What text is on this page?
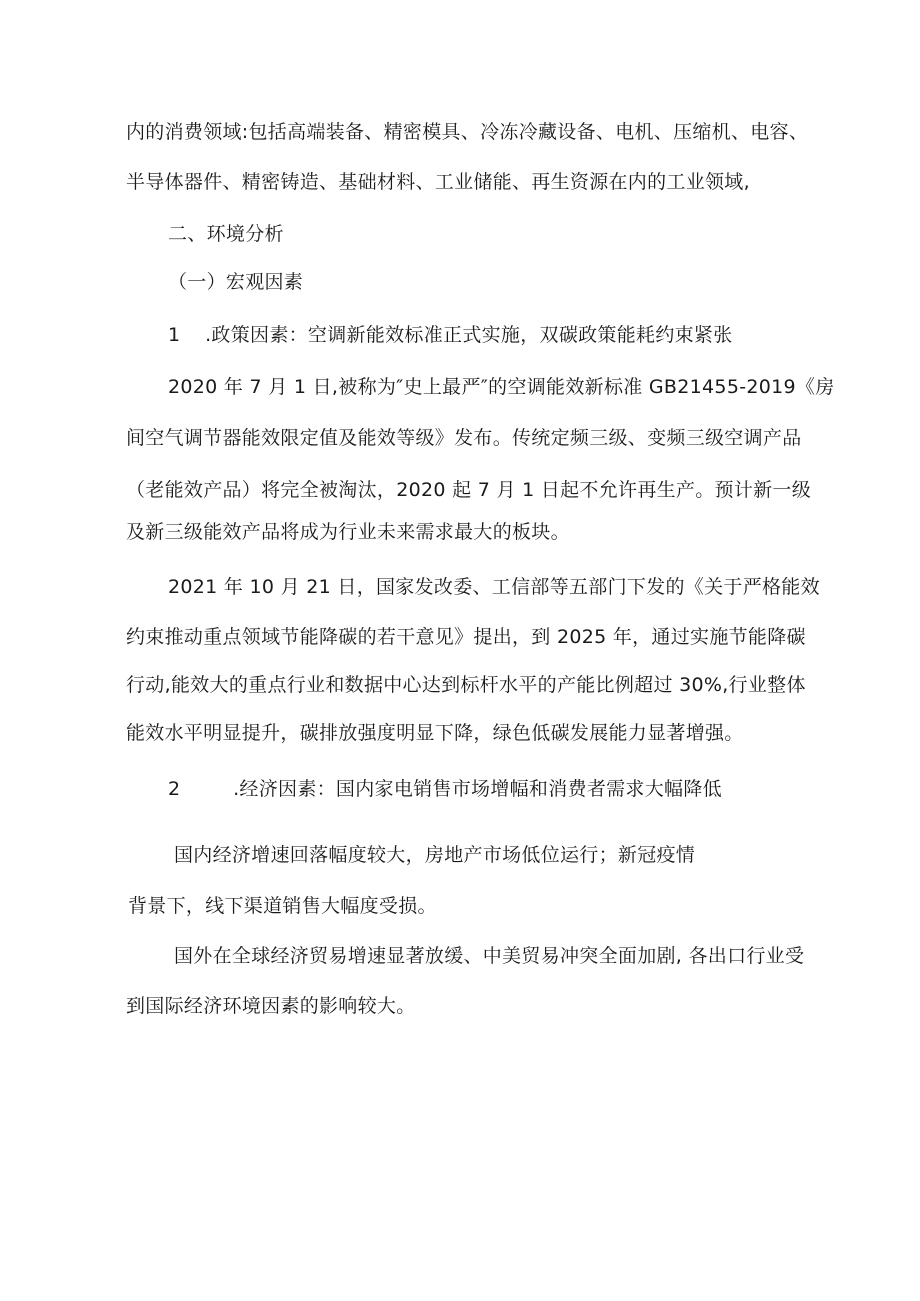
内的消费领域:包括高端装备、精密模具、冷冻冷藏设备、电机、压缩机、电容、
半导体器件、精密铸造、基础材料、工业储能、再生资源在内的工业领域,
二、环境分析
（一）宏观因素
1 .政策因素：空调新能效标准正式实施，双碳政策能耗约束紧张
2020 年 7 月 1 日,被称为″史上最严″的空调能效新标准 GB21455-2019《房
间空气调节器能效限定值及能效等级》发布。传统定频三级、变频三级空调产品
（老能效产品）将完全被淘汰，2020 起 7 月 1 日起不允许再生产。预计新一级
及新三级能效产品将成为行业未来需求最大的板块。
2021 年 10 月 21 日，国家发改委、工信部等五部门下发的《关于严格能效
约束推动重点领域节能降碳的若干意见》提出，到 2025 年，通过实施节能降碳
行动,能效大的重点行业和数据中心达到标杆水平的产能比例超过 30%,行业整体
能效水平明显提升，碳排放强度明显下降，绿色低碳发展能力显著增强。
2	.经济因素：国内家电销售市场增幅和消费者需求大幅降低
国内经济增速回落幅度较大，房地产市场低位运行；新冠疫情
背景下，线下渠道销售大幅度受损。
国外在全球经济贸易增速显著放缓、中美贸易冲突全面加剧, 各出口行业受
到国际经济环境因素的影响较大。
